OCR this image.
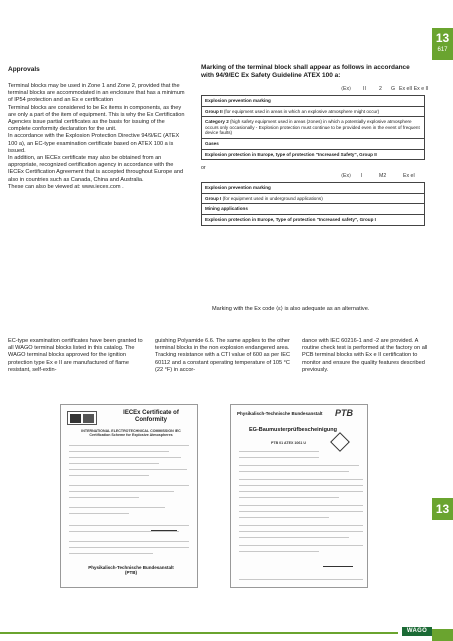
13
617
13
Approvals

Terminal blocks may be used in Zone 1 and Zone 2, provided that the terminal blocks are accommodated in an enclosure that has a minimum of IP54 protection and an Ex e certification

Terminal blocks are considered to be Ex items in components, as they are only a part of the item of equipment. This is why the Ex Certification Agencies issue partial certificates as the basis for issuing of the complete conformity declaration for the unit.

In accordance with the Explosion Protection Directive 94/9/EC (ATEX 100 a), an EC-type examination certificate based on ATEX 100 a is issued.

In addition, an IECEx certificate may also be obtained from an appropriate, recognized certification agency in accordance with the IECEx Certification Agreement that is accepted throughout Europe and also in countries such as Canada, China and Australia.

These can also be viewed at: www.iecex.com .

Marking of the terminal block shall appear as follows in accordance with 94/9/EC Ex Safety Guideline ATEX 100 a:
⟨Ex⟩ II	2 G Ex eII Ex e II
Explosion prevention marking
Group II (for equipment used in areas in which an explosive atmosphere might occur)
Category 2 (high safety equipment used in areas (zones) in which a potentially explosive atmosphere occurs only occasionally - Explosion protection must continue to be provided even in the event of frequent device faults)
Gases
Explosion protection in Europe, type of protection "Increased Safety", Group II
or
⟨Ex⟩ I	M2	Ex eI
Explosion prevention marking
Group I (for equipment used in underground applications)
Mining applications
Explosion protection in Europe, Type of protection "Increased safety", Group I
Marking with the Ex code ⟨ε⟩ is also adequate as an alternative.
EC-type examination certificates have been granted to all WAGO terminal blocks listed in this catalog. The WAGO terminal blocks approved for the ignition protection type Ex e II are manufactured of flame resistant, self-extin-
guishing Polyamide 6.6. The same applies to the other terminal blocks in the non explosion endangered area. Tracking resistance with a CTI value of 600 as per IEC 60112 and a constant operating temperature of 105 °C (22 °F) in accor-
dance with IEC 60216-1 and -2 are provided. A routine check test is performed at the factory on all PCB terminal blocks with Ex e II certification to monitor and ensure the quality features described previously.
IECEx Certificate of Conformity
INTERNATIONAL ELECTROTECHNICAL COMMISSION IEC Certification Scheme for Explosive Atmospheres
Physikalisch-Technische Bundesanstalt (PTB)
Physikalisch-Technische Bundesanstalt	PTB
EG-Baumusterprüfbescheinigung
PTB 01 ATEX 1061 U
WAGO
